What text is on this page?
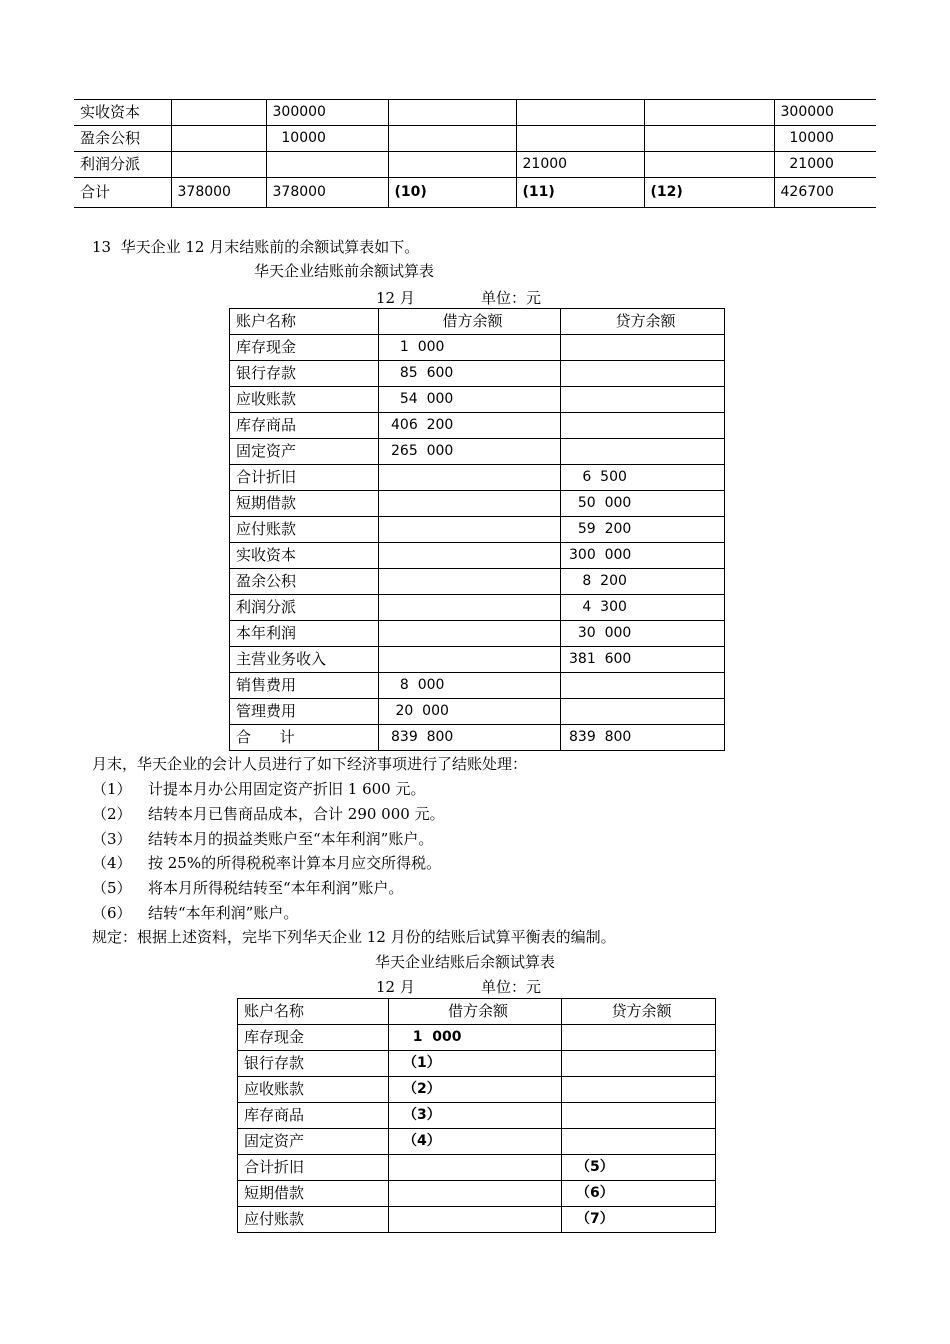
实收资本		300000				300000
盈余公积		10000				10000
利润分派				21000		21000
合计	378000	378000	(10)	(11)	(12)	426700
13  华天企业 12 月末结账前的余额试算表如下。
华天企业结账前余额试算表
12 月	单位：元
账户名称	借方余额	贷方余额
库存现金	1  000	
银行存款	85  600	
应收账款	54  000	
库存商品	406  200	
固定资产	265  000	
合计折旧		6  500
短期借款		50  000
应付账款		59  200
实收资本		300  000
盈余公积		8  200
利润分派		4  300
本年利润		30  000
主营业务收入		381  600
销售费用	8  000	
管理费用	20  000	
合      计	839  800	839  800
月末，华天企业的会计人员进行了如下经济事项进行了结账处理：
（1） 计提本月办公用固定资产折旧 1 600 元。
（2） 结转本月已售商品成本，合计 290 000 元。
（3） 结转本月的损益类账户至“本年利润”账户。
（4） 按 25%的所得税税率计算本月应交所得税。
（5） 将本月所得税结转至“本年利润”账户。
（6） 结转“本年利润”账户。
规定：根据上述资料，完毕下列华天企业 12 月份的结账后试算平衡表的编制。
华天企业结账后余额试算表
12 月	单位：元
账户名称	借方余额	贷方余额
库存现金	1  000	
银行存款	（1）	
应收账款	（2）	
库存商品	（3）	
固定资产	（4）	
合计折旧		（5）
短期借款		（6）
应付账款		（7）
